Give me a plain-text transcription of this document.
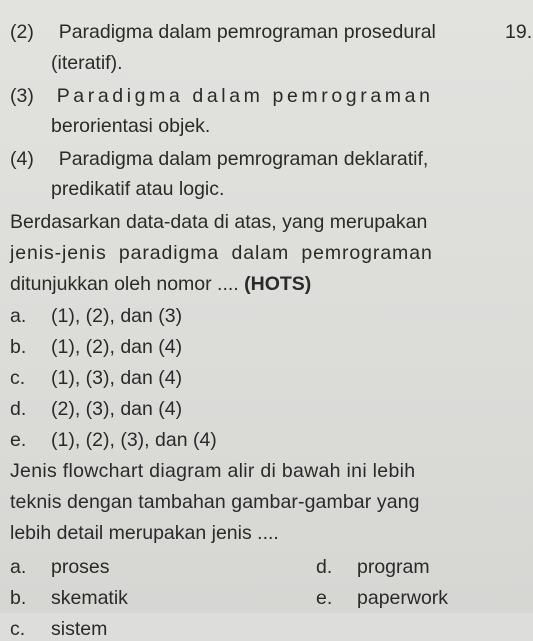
(2) Paradigma dalam pemrograman prosedural	19.
(iteratif).
(3) Paradigma dalam pemrograman
berorientasi objek.
(4) Paradigma dalam pemrograman deklaratif,
predikatif atau logic.
Berdasarkan data-data di atas, yang merupakan
jenis-jenis paradigma dalam pemrograman
ditunjukkan oleh nomor .... (HOTS)
a. (1), (2), dan (3)
b. (1), (2), dan (4)
c. (1), (3), dan (4)
d. (2), (3), dan (4)
e. (1), (2), (3), dan (4)
Jenis flowchart diagram alir di bawah ini lebih
teknis dengan tambahan gambar-gambar yang
lebih detail merupakan jenis ....
a. proses
b. skematik
d. program
e. paperwork
c. sistem
